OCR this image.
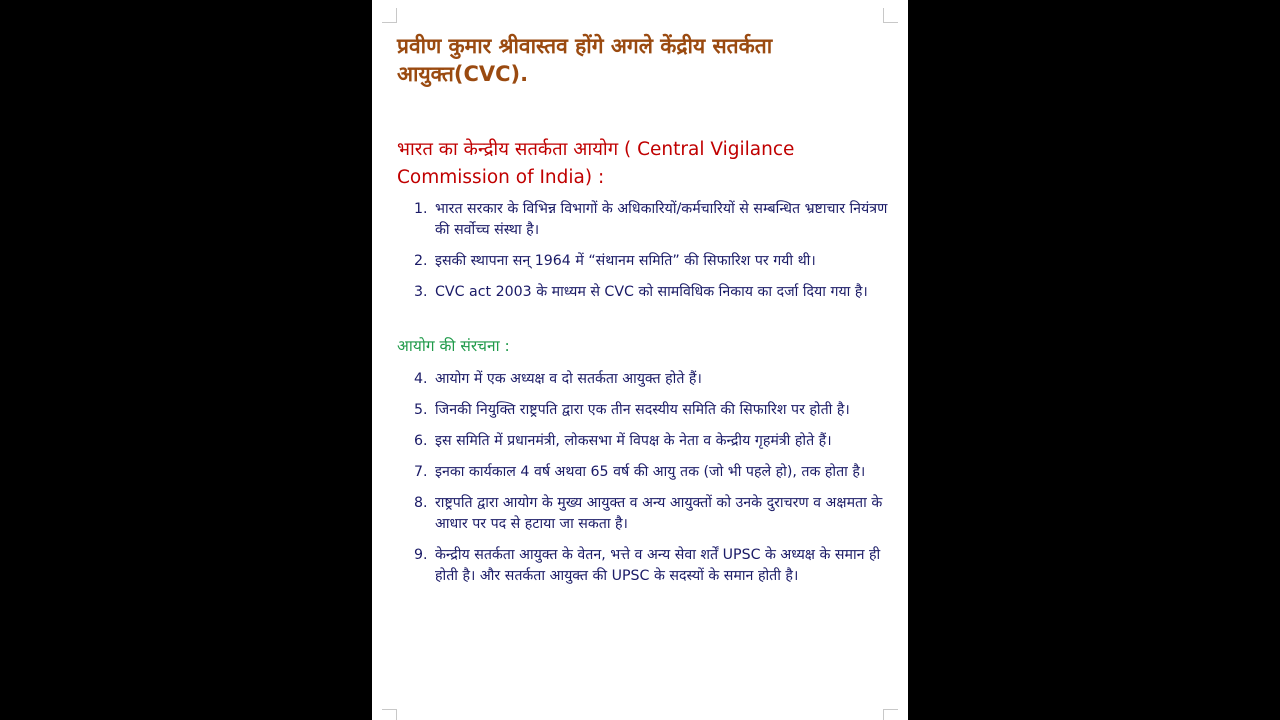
प्रवीण कुमार श्रीवास्तव होंगे अगले केंद्रीय सतर्कता आयुक्त(CVC).
भारत का केन्द्रीय सतर्कता आयोग ( Central Vigilance Commission of India) :
1. भारत सरकार के विभिन्न विभागों के अधिकारियों/कर्मचारियों से सम्बन्धित भ्रष्टाचार नियंत्रण की सर्वोच्च संस्था है।
2. इसकी स्थापना सन् 1964 में “संथानम समिति” की सिफारिश पर गयी थी।
3. CVC act 2003 के माध्यम से CVC को सामविधिक निकाय का दर्जा दिया गया है।
आयोग की संरचना :
4. आयोग में एक अध्यक्ष व दो सतर्कता आयुक्त होते हैं।
5. जिनकी नियुक्ति राष्ट्रपति द्वारा एक तीन सदस्यीय समिति की सिफारिश पर होती है।
6. इस समिति में प्रधानमंत्री, लोकसभा में विपक्ष के नेता व केन्द्रीय गृहमंत्री होते हैं।
7. इनका कार्यकाल 4 वर्ष अथवा 65 वर्ष की आयु तक (जो भी पहले हो), तक होता है।
8. राष्ट्रपति द्वारा आयोग के मुख्य आयुक्त व अन्य आयुक्तों को उनके दुराचरण व अक्षमता के आधार पर पद से हटाया जा सकता है।
9. केन्द्रीय सतर्कता आयुक्त के वेतन, भत्ते व अन्य सेवा शर्तें UPSC के अध्यक्ष के समान ही होती है। और सतर्कता आयुक्त की UPSC के सदस्यों के समान होती है।
